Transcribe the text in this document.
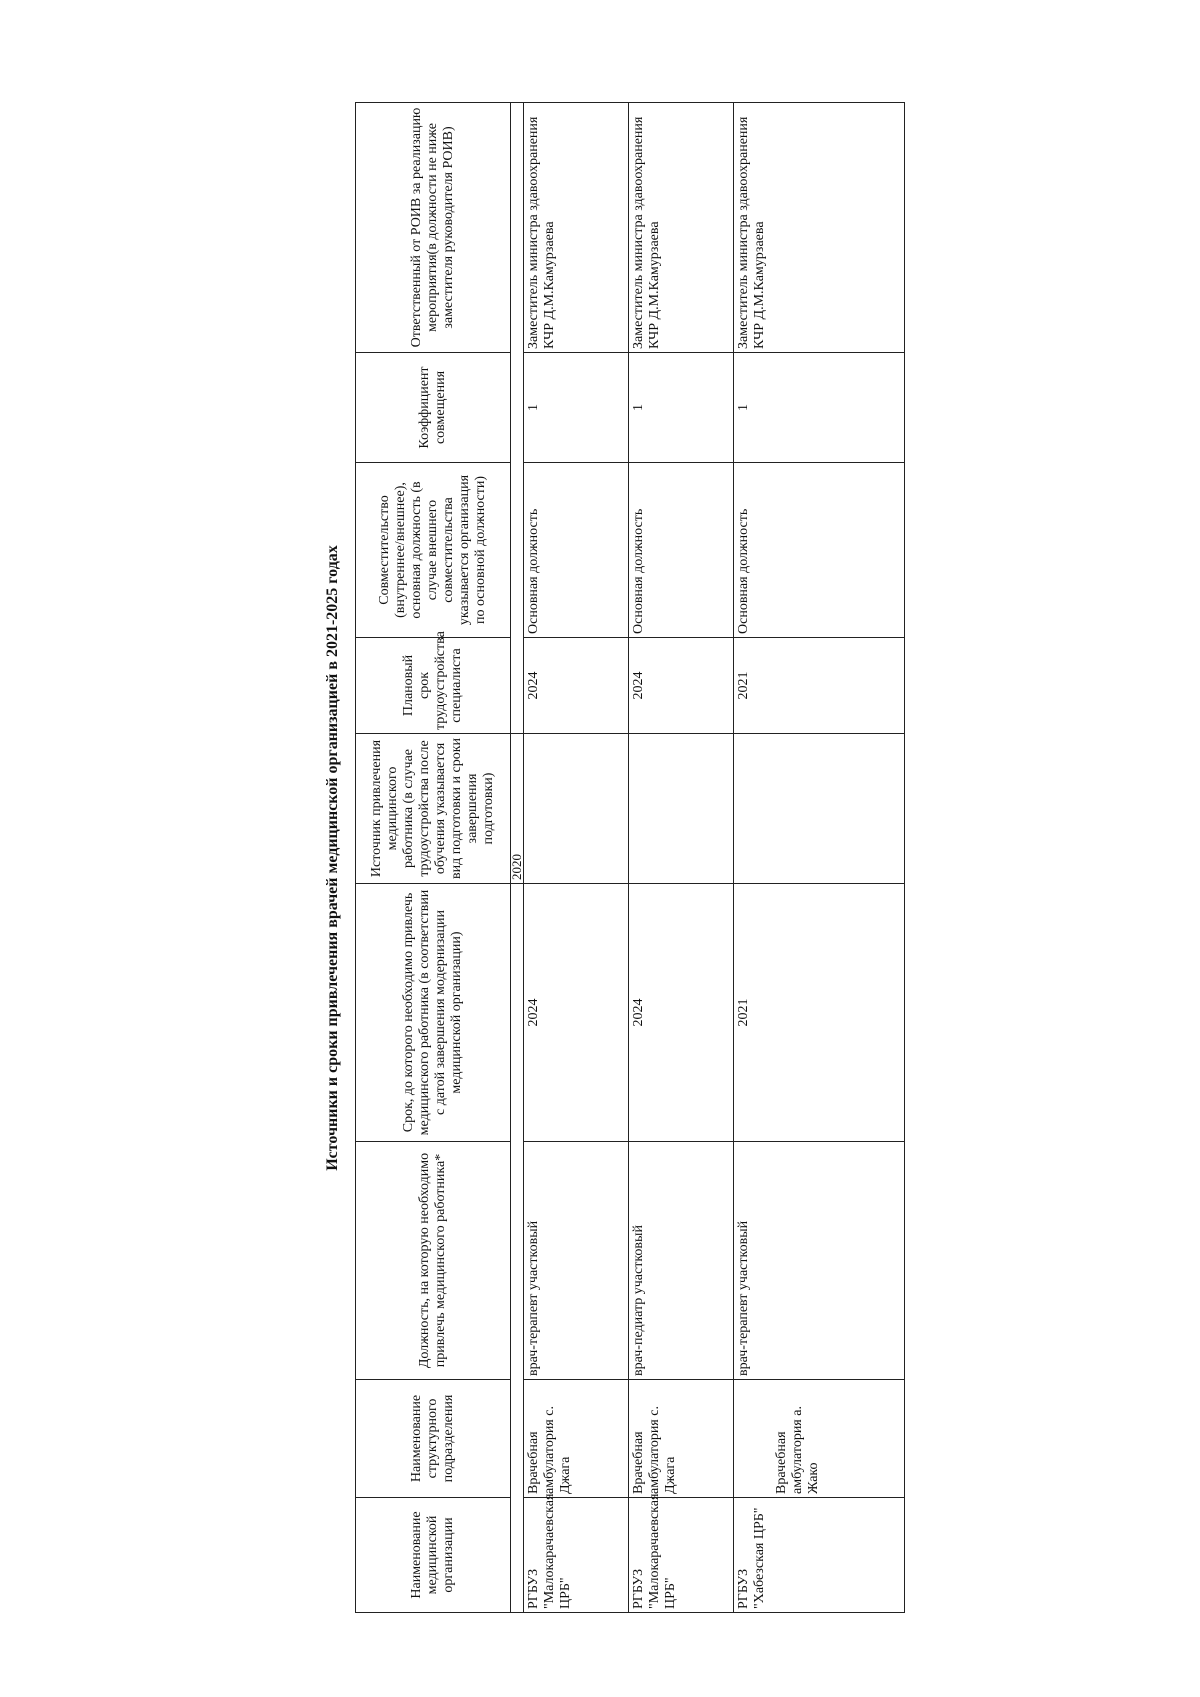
Источники и сроки привлечения врачей медицинской организацией в 2021-2025 годах
Наименование медицинской организации	Наименование структурного подразделения	Должность, на которую необходимо привлечь медицинского работника*	Срок, до которого необходимо привлечь медицинского работника (в соответствии с датой завершения модернизации медицинской организации)	Источник привлечения медицинского работника (в случае трудоустройства после обучения указывается вид подготовки и сроки завершения подготовки)	Плановый срок трудоустройства специалиста	Совместительство (внутреннее/внешнее), основная должность (в случае внешнего совместительства указывается организация по основной должности)	Коэффициент совмещения	Ответственный от РОИВ за реализацию мероприятия(в должности не ниже заместителя руководителя РОИВ)
				2020				
РГБУЗ "Малокарачаевская ЦРБ"	Врачебная амбулатория с. Джага	врач-терапевт участковый	2024		2024	Основная должность	1	Заместитель министра здавоохранения КЧР Д.М.Камурзаева
РГБУЗ "Малокарачаевская ЦРБ"	Врачебная амбулатория с. Джага	врач-педиатр участковый	2024		2024	Основная должность	1	Заместитель министра здавоохранения КЧР Д.М.Камурзаева
РГБУЗ "Хабезская ЦРБ"	Врачебная амбулатория а. Жако	врач-терапевт участковый	2021		2021	Основная должность	1	Заместитель министра здавоохранения КЧР Д.М.Камурзаева
